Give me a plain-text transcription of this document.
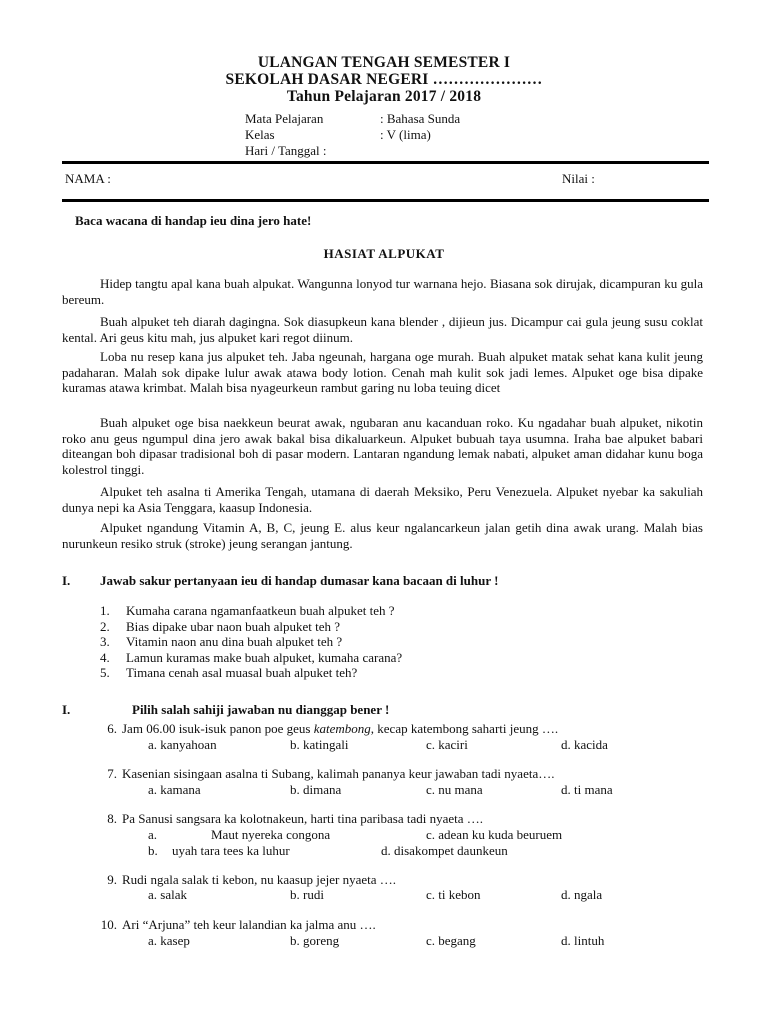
ULANGAN TENGAH SEMESTER I
SEKOLAH DASAR NEGERI …………………
Tahun Pelajaran 2017 / 2018
Mata Pelajaran	: Bahasa Sunda
Kelas	: V (lima)
Hari / Tanggal :
NAMA :	Nilai :
Baca wacana di handap ieu dina jero hate!
HASIAT ALPUKAT
Hidep tangtu apal kana buah alpukat. Wangunna lonyod tur warnana hejo. Biasana sok dirujak, dicampuran ku gula bereum.
Buah alpuket teh diarah dagingna. Sok diasupkeun kana blender , dijieun jus. Dicampur cai gula jeung susu coklat kental. Ari geus kitu mah, jus alpuket kari regot diinum.
Loba nu resep kana jus alpuket teh. Jaba ngeunah, hargana oge murah. Buah alpuket matak sehat kana kulit jeung padaharan. Malah sok dipake lulur awak atawa body lotion. Cenah mah kulit sok jadi lemes. Alpuket oge bisa dipake kuramas atawa krimbat. Malah bisa nyageurkeun rambut garing nu loba teuing dicet
Buah alpuket oge bisa naekkeun beurat awak, ngubaran anu kacanduan roko. Ku ngadahar buah alpuket, nikotin roko anu geus ngumpul dina jero awak bakal bisa dikaluarkeun. Alpuket bubuah taya usumna. Iraha bae alpuket babari diteangan boh dipasar tradisional boh di pasar modern. Lantaran ngandung lemak nabati, alpuket aman didahar kunu boga kolestrol tinggi.
Alpuket teh asalna ti Amerika Tengah, utamana di daerah Meksiko, Peru Venezuela. Alpuket nyebar ka sakuliah dunya nepi ka Asia Tenggara, kaasup Indonesia.
Alpuket ngandung Vitamin A, B, C, jeung E. alus keur ngalancarkeun jalan getih dina awak urang. Malah bias nurunkeun resiko struk (stroke) jeung serangan jantung.
I. Jawab sakur pertanyaan ieu di handap dumasar kana bacaan di luhur !
1. Kumaha carana ngamanfaatkeun buah alpuket teh ?
2. Bias dipake ubar naon buah alpuket teh ?
3. Vitamin naon anu dina buah alpuket teh ?
4. Lamun kuramas make buah alpuket, kumaha carana?
5. Timana cenah asal muasal buah alpuket teh?
I.	Pilih salah sahiji jawaban nu dianggap bener !
6. Jam 06.00 isuk-isuk panon poe geus katembong, kecap katembong saharti jeung ….
a. kanyahoan	b. katingali	c. kaciri	d. kacida
7. Kasenian sisingaan asalna ti Subang, kalimah pananya keur jawaban tadi nyaeta….
a. kamana	b. dimana	c. nu mana	d. ti mana
8. Pa Sanusi sangsara ka kolotnakeun, harti tina paribasa tadi nyaeta ….
a.	Maut nyereka congona	c. adean ku kuda beuruem
b. uyah tara tees ka luhur	d. disakompet daunkeun
9. Rudi ngala salak ti kebon, nu kaasup jejer nyaeta ….
a. salak	b. rudi	c. ti kebon	d. ngala
10. Ari “Arjuna” teh keur lalandian ka jalma anu ….
a. kasep	b. goreng	c. begang	d. lintuh
